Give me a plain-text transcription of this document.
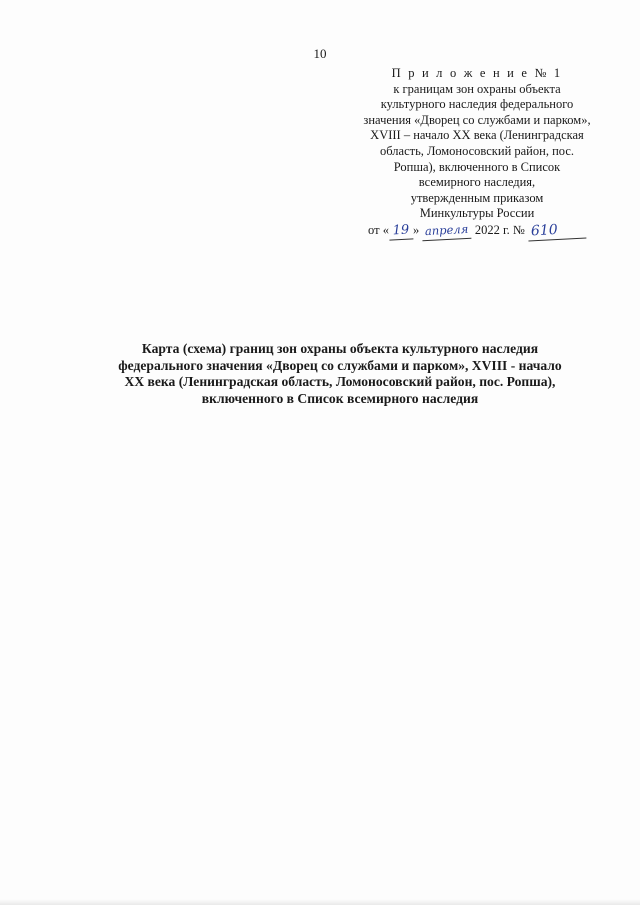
10
П р и л о ж е н и е № 1
к границам зон охраны объекта
культурного наследия федерального
значения «Дворец со службами и парком»,
XVIII – начало XX века (Ленинградская
область, Ломоносовский район, пос.
Ропша), включенного в Список
всемирного наследия,
утвержденным приказом
Минкультуры России
от « 19 » апреля 2022 г. № 610
Карта (схема) границ зон охраны объекта культурного наследия
федерального значения «Дворец со службами и парком», XVIII - начало
XX века (Ленинградская область, Ломоносовский район, пос. Ропша),
включенного в Список всемирного наследия
